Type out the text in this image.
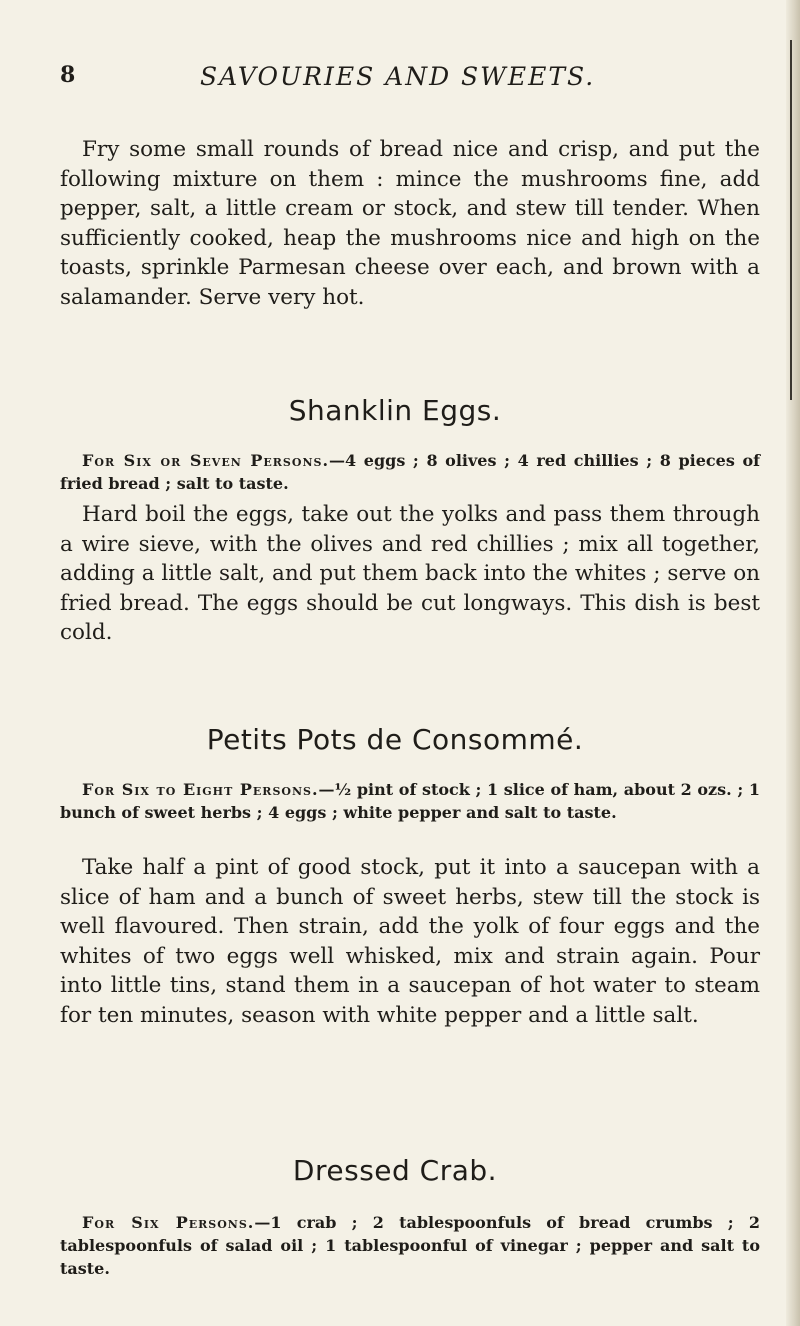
8	SAVOURIES AND SWEETS.

Fry some small rounds of bread nice and crisp, and put the following mixture on them : mince the mushrooms fine, add pepper, salt, a little cream or stock, and stew till tender. When sufficiently cooked, heap the mushrooms nice and high on the toasts, sprinkle Parmesan cheese over each, and brown with a salamander. Serve very hot.

Shanklin Eggs.

For Six or Seven Persons.—4 eggs ; 8 olives ; 4 red chillies ; 8 pieces of fried bread ; salt to taste.

Hard boil the eggs, take out the yolks and pass them through a wire sieve, with the olives and red chillies ; mix all together, adding a little salt, and put them back into the whites ; serve on fried bread. The eggs should be cut longways. This dish is best cold.

Petits Pots de Consommé.

For Six to Eight Persons.—½ pint of stock ; 1 slice of ham, about 2 ozs. ; 1 bunch of sweet herbs ; 4 eggs ; white pepper and salt to taste.

Take half a pint of good stock, put it into a saucepan with a slice of ham and a bunch of sweet herbs, stew till the stock is well flavoured. Then strain, add the yolk of four eggs and the whites of two eggs well whisked, mix and strain again. Pour into little tins, stand them in a saucepan of hot water to steam for ten minutes, season with white pepper and a little salt.

Dressed Crab.

For Six Persons.—1 crab ; 2 tablespoonfuls of bread crumbs ; 2 tablespoonfuls of salad oil ; 1 tablespoonful of vinegar ; pepper and salt to taste.
